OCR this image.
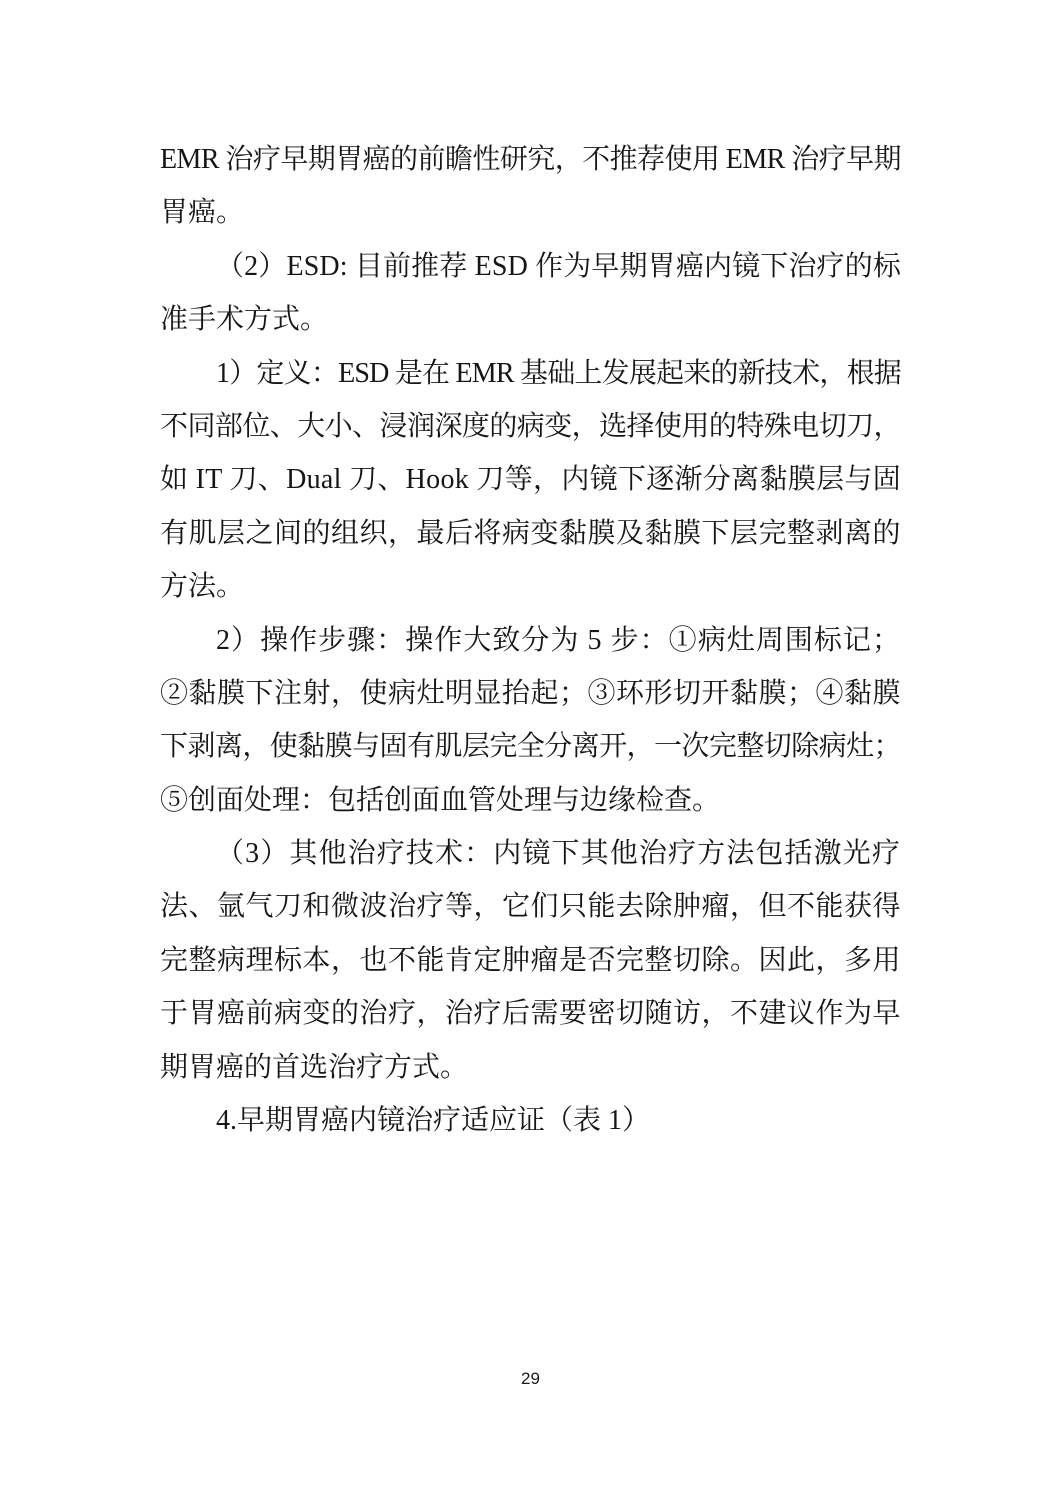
EMR 治疗早期胃癌的前瞻性研究，不推荐使用 EMR 治疗早期
胃癌。
（2）ESD: 目前推荐 ESD 作为早期胃癌内镜下治疗的标
准手术方式。
1）定义：ESD 是在 EMR 基础上发展起来的新技术，根据
不同部位、大小、浸润深度的病变，选择使用的特殊电切刀，
如 IT 刀、Dual 刀、Hook 刀等，内镜下逐渐分离黏膜层与固
有肌层之间的组织，最后将病变黏膜及黏膜下层完整剥离的
方法。
2）操作步骤：操作大致分为 5 步：①病灶周围标记；
②黏膜下注射，使病灶明显抬起；③环形切开黏膜；④黏膜
下剥离，使黏膜与固有肌层完全分离开，一次完整切除病灶；
⑤创面处理：包括创面血管处理与边缘检查。
（3）其他治疗技术：内镜下其他治疗方法包括激光疗
法、氩气刀和微波治疗等，它们只能去除肿瘤，但不能获得
完整病理标本，也不能肯定肿瘤是否完整切除。因此，多用
于胃癌前病变的治疗，治疗后需要密切随访，不建议作为早
期胃癌的首选治疗方式。
4.早期胃癌内镜治疗适应证（表 1）
29
